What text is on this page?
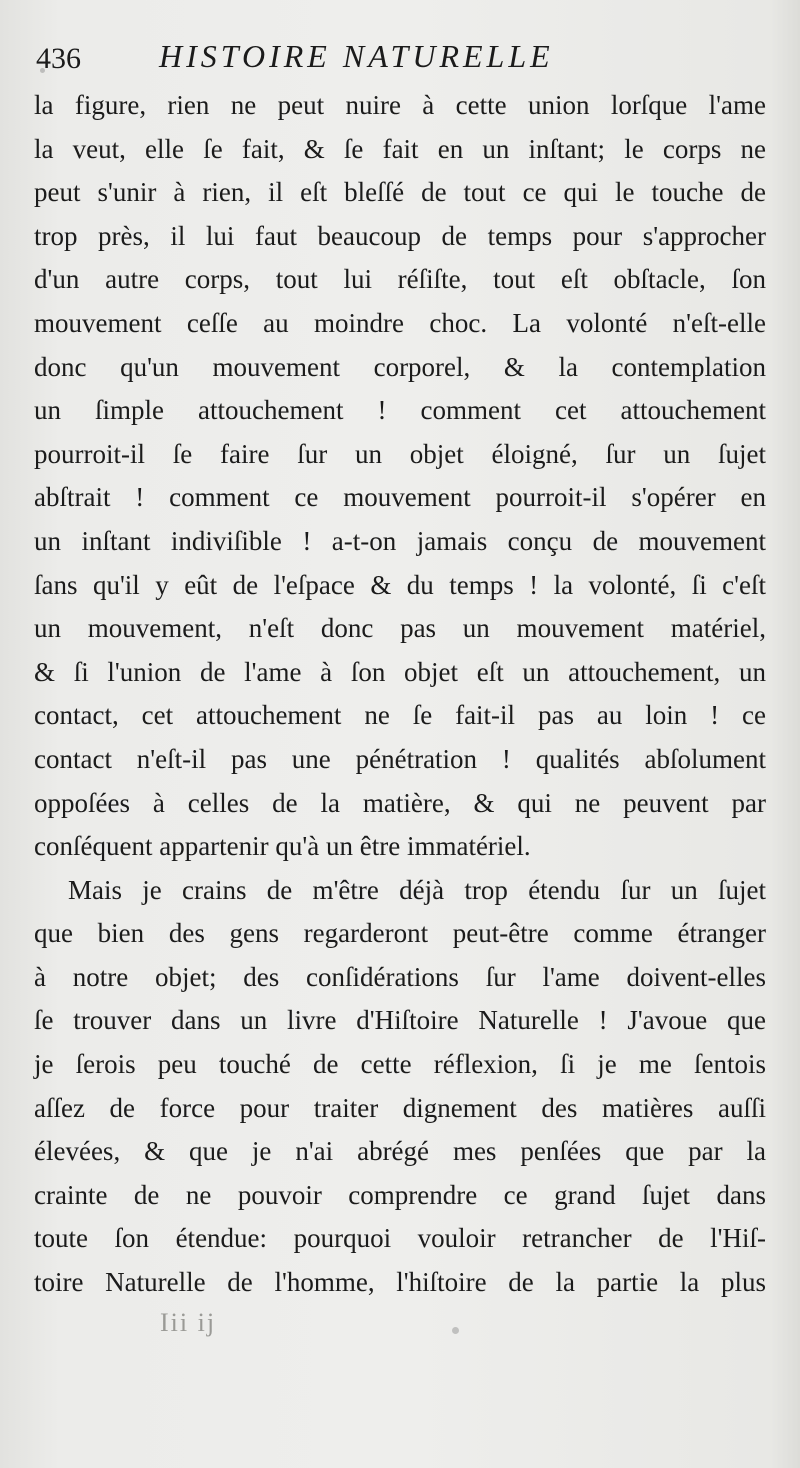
436 HISTOIRE NATURELLE
la figure, rien ne peut nuire à cette union lorſque l'ame
la veut, elle ſe fait, & ſe fait en un inſtant; le corps ne
peut s'unir à rien, il eſt bleſſé de tout ce qui le touche de
trop près, il lui faut beaucoup de temps pour s'approcher
d'un autre corps, tout lui réſiſte, tout eſt obſtacle, ſon
mouvement ceſſe au moindre choc. La volonté n'eſt-elle
donc qu'un mouvement corporel, & la contemplation
un ſimple attouchement ! comment cet attouchement
pourroit-il ſe faire ſur un objet éloigné, ſur un ſujet
abſtrait ! comment ce mouvement pourroit-il s'opérer en
un inſtant indiviſible ! a-t-on jamais conçu de mouvement
ſans qu'il y eût de l'eſpace & du temps ! la volonté, ſi c'eſt
un mouvement, n'eſt donc pas un mouvement matériel,
& ſi l'union de l'ame à ſon objet eſt un attouchement, un
contact, cet attouchement ne ſe fait-il pas au loin ! ce
contact n'eſt-il pas une pénétration ! qualités abſolument
oppoſées à celles de la matière, & qui ne peuvent par
conſéquent appartenir qu'à un être immatériel.
Mais je crains de m'être déjà trop étendu ſur un ſujet
que bien des gens regarderont peut-être comme étranger
à notre objet; des conſidérations ſur l'ame doivent-elles
ſe trouver dans un livre d'Hiſtoire Naturelle ! J'avoue que
je ſerois peu touché de cette réflexion, ſi je me ſentois
aſſez de force pour traiter dignement des matières auſſi
élevées, & que je n'ai abrégé mes penſées que par la
crainte de ne pouvoir comprendre ce grand ſujet dans
toute ſon étendue: pourquoi vouloir retrancher de l'Hiſ-
toire Naturelle de l'homme, l'hiſtoire de la partie la plus
Iii ij
